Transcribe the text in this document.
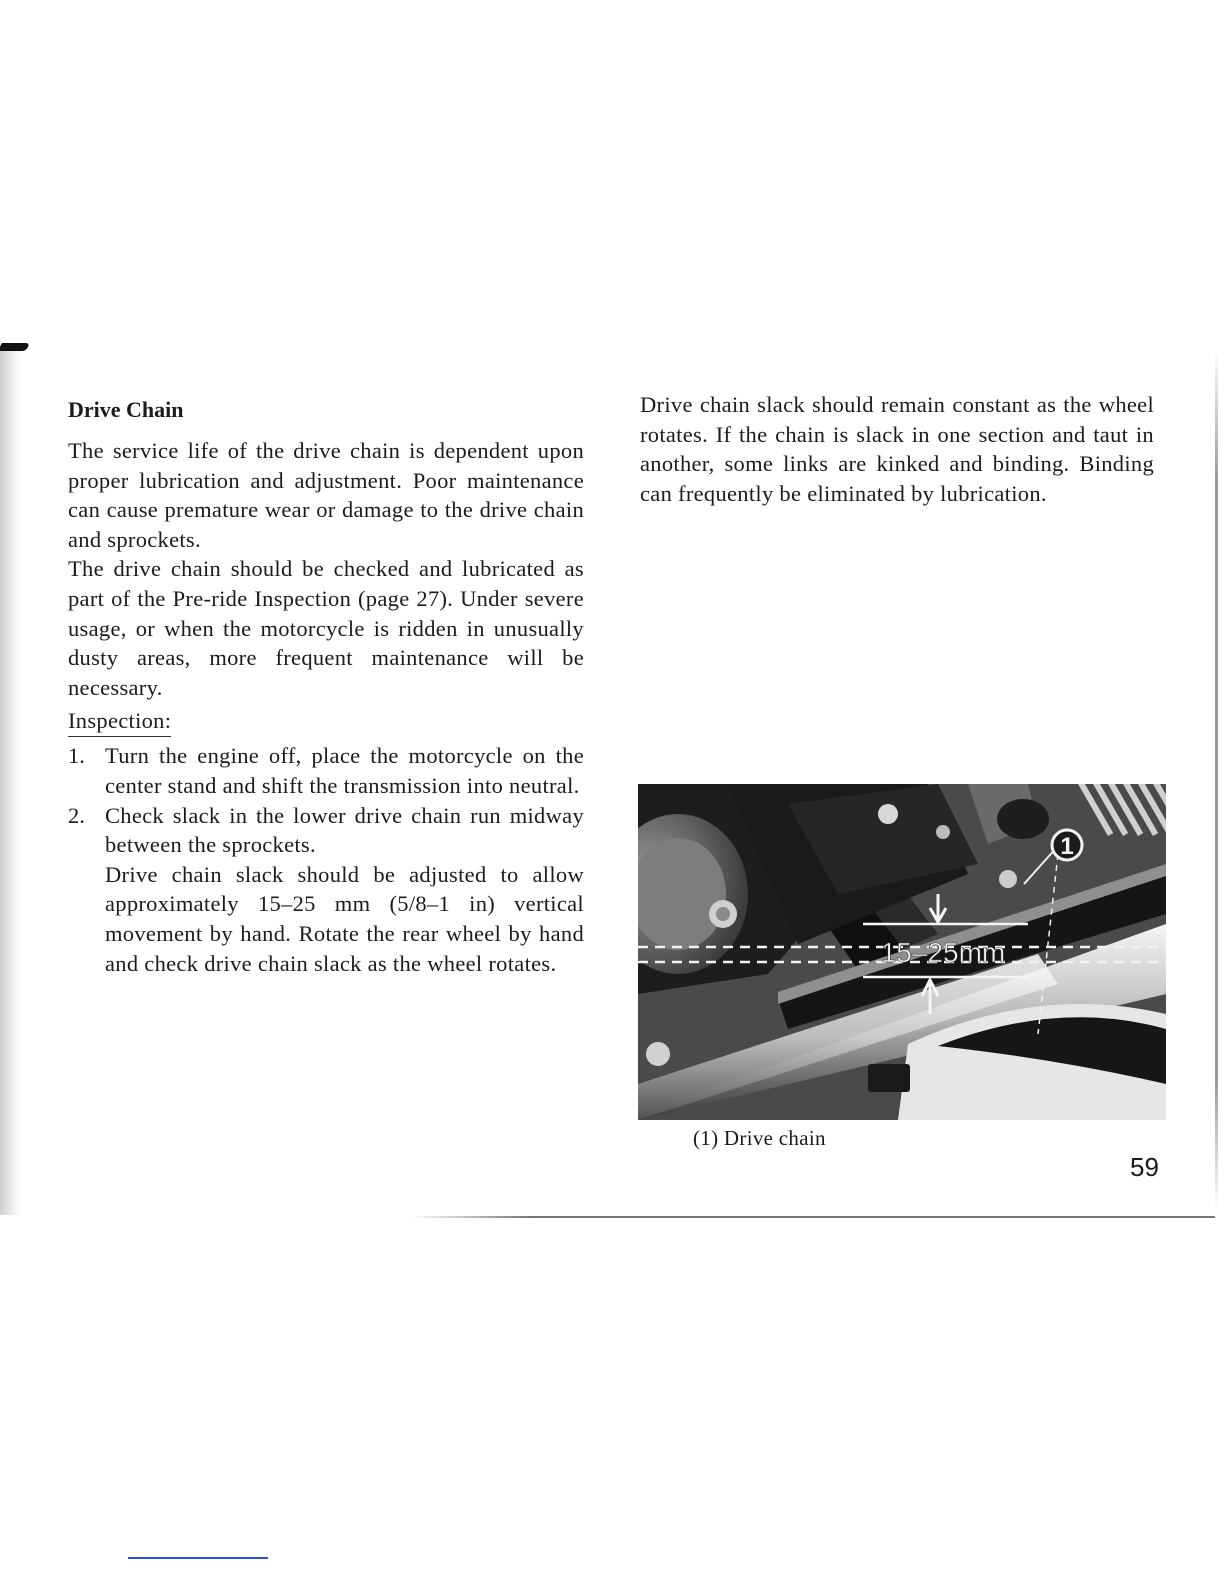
Drive Chain

The service life of the drive chain is dependent upon proper lubrication and adjustment. Poor maintenance can cause premature wear or damage to the drive chain and sprockets.

The drive chain should be checked and lubricated as part of the Pre-ride Inspection (page 27). Under severe usage, or when the motorcycle is ridden in unusually dusty areas, more frequent maintenance will be necessary.

Inspection:
1. Turn the engine off, place the motorcycle on the center stand and shift the transmission into neutral.

2. Check slack in the lower drive chain run midway between the sprockets.

Drive chain slack should be adjusted to allow approximately 15–25 mm (5/8–1 in) vertical movement by hand. Rotate the rear wheel by hand and check drive chain slack as the wheel rotates.

Drive chain slack should remain constant as the wheel rotates. If the chain is slack in one section and taut in another, some links are kinked and binding. Binding can frequently be eliminated by lubrication.

1
15–25mm
(1) Drive chain
59
